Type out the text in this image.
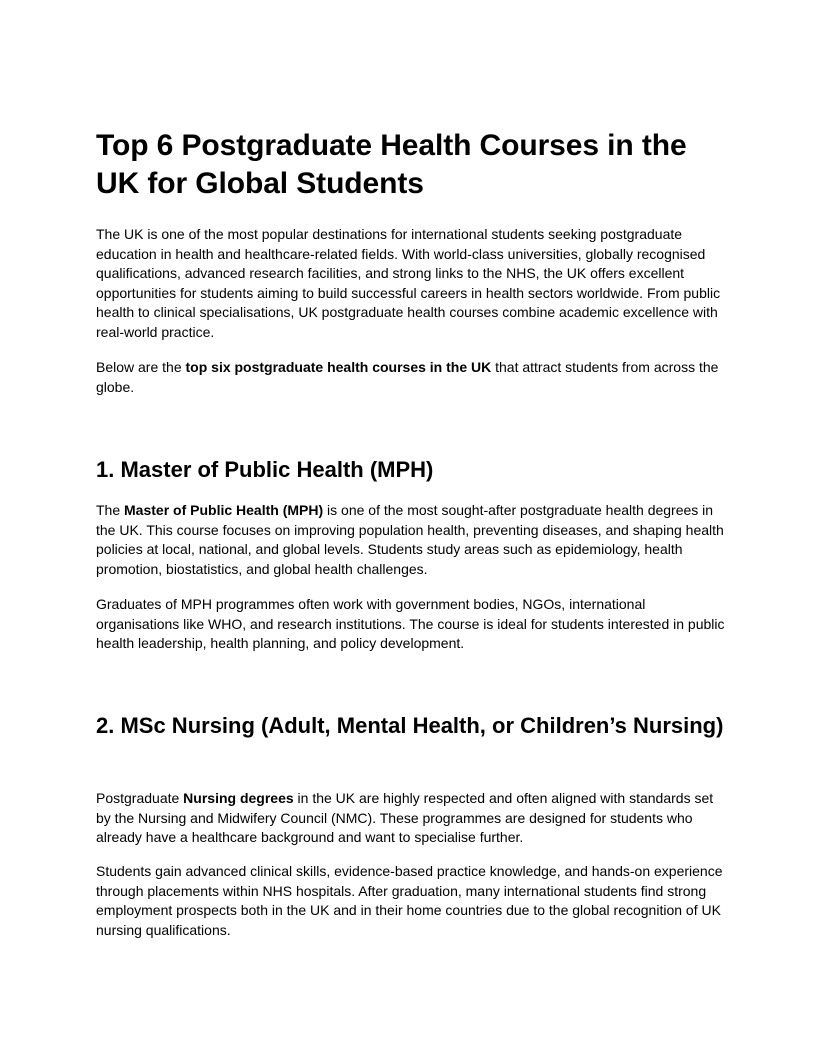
Top 6 Postgraduate Health Courses in the UK for Global Students

The UK is one of the most popular destinations for international students seeking postgraduate education in health and healthcare-related fields. With world-class universities, globally recognised qualifications, advanced research facilities, and strong links to the NHS, the UK offers excellent opportunities for students aiming to build successful careers in health sectors worldwide. From public health to clinical specialisations, UK postgraduate health courses combine academic excellence with real-world practice.

Below are the top six postgraduate health courses in the UK that attract students from across the globe.

1. Master of Public Health (MPH)

The Master of Public Health (MPH) is one of the most sought-after postgraduate health degrees in the UK. This course focuses on improving population health, preventing diseases, and shaping health policies at local, national, and global levels. Students study areas such as epidemiology, health promotion, biostatistics, and global health challenges.

Graduates of MPH programmes often work with government bodies, NGOs, international organisations like WHO, and research institutions. The course is ideal for students interested in public health leadership, health planning, and policy development.

2. MSc Nursing (Adult, Mental Health, or Children’s Nursing)

Postgraduate Nursing degrees in the UK are highly respected and often aligned with standards set by the Nursing and Midwifery Council (NMC). These programmes are designed for students who already have a healthcare background and want to specialise further.

Students gain advanced clinical skills, evidence-based practice knowledge, and hands-on experience through placements within NHS hospitals. After graduation, many international students find strong employment prospects both in the UK and in their home countries due to the global recognition of UK nursing qualifications.
